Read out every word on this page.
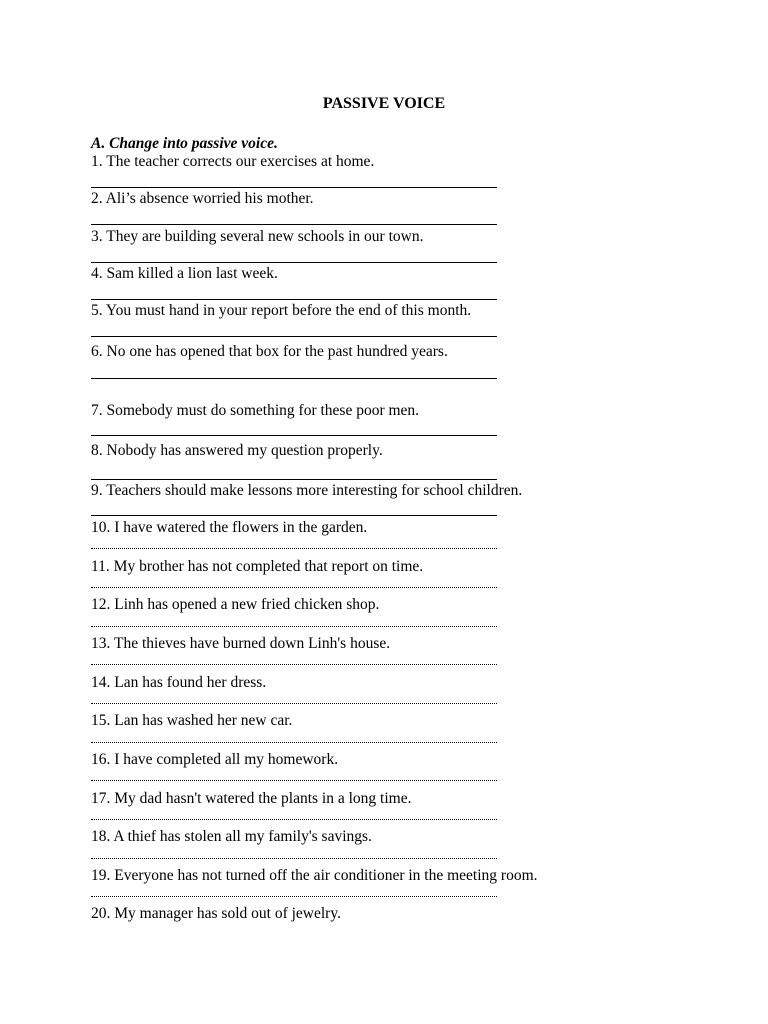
PASSIVE VOICE
A. Change into passive voice.
1. The teacher corrects our exercises at home.
2. Ali’s absence worried his mother.
3. They are building several new schools in our town.
4. Sam killed a lion last week.
5. You must hand in your report before the end of this month.
6. No one has opened that box for the past hundred years.
7. Somebody must do something for these poor men.
8. Nobody has answered my question properly.
9. Teachers should make lessons more interesting for school children.
10. I have watered the flowers in the garden.
11. My brother has not completed that report on time.
12. Linh has opened a new fried chicken shop.
13. The thieves have burned down Linh's house.
14. Lan has found her dress.
15. Lan has washed her new car.
16. I have completed all my homework.
17. My dad hasn't watered the plants in a long time.
18. A thief has stolen all my family's savings.
19. Everyone has not turned off the air conditioner in the meeting room.
20. My manager has sold out of jewelry.
